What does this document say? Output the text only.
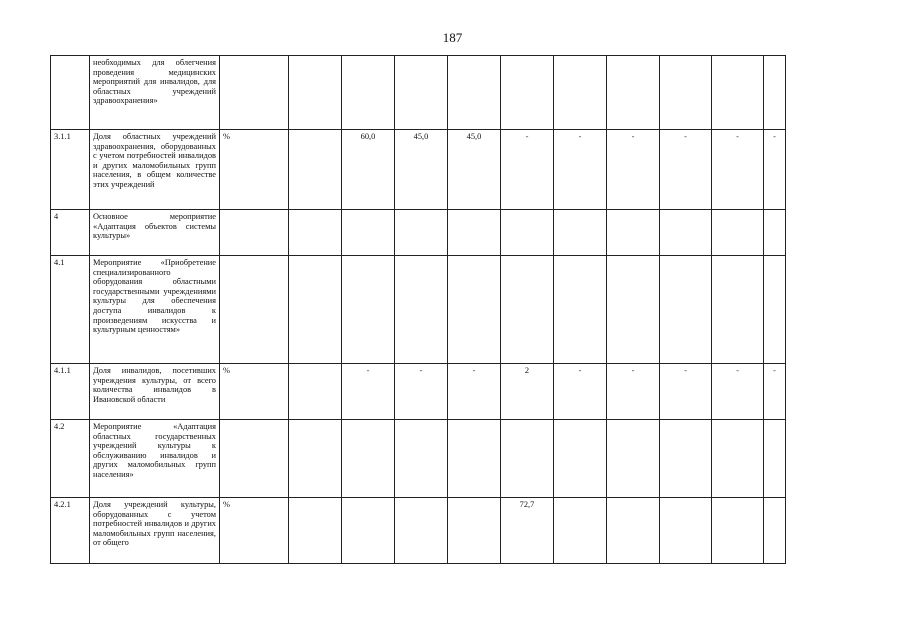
187
	необходимых для облегчения проведения медицинских мероприятий для инвалидов, для областных учреждений здравоохранения»												
3.1.1	Доля областных учреждений здравоохранения, оборудованных с учетом потребностей инвалидов и других маломобильных групп населения, в общем количестве этих учреждений	%		60,0	45,0	45,0	-	-	-	-	-	-	
4	Основное мероприятие «Адаптация объектов системы культуры»												
4.1	Мероприятие «Приобретение специализированного оборудования областными государственными учреждениями культуры для обеспечения доступа инвалидов к произведениям искусства и культурным ценностям»												
4.1.1	Доля инвалидов, посетивших учреждения культуры, от всего количества инвалидов в Ивановской области	%		-	-	-	2	-	-	-	-	-	
4.2	Мероприятие «Адаптация областных государственных учреждений культуры к обслуживанию инвалидов и других маломобильных групп населения»												
4.2.1	Доля учреждений культуры, оборудованных с учетом потребностей инвалидов и других маломобильных групп населения, от общего	%					72,7						
